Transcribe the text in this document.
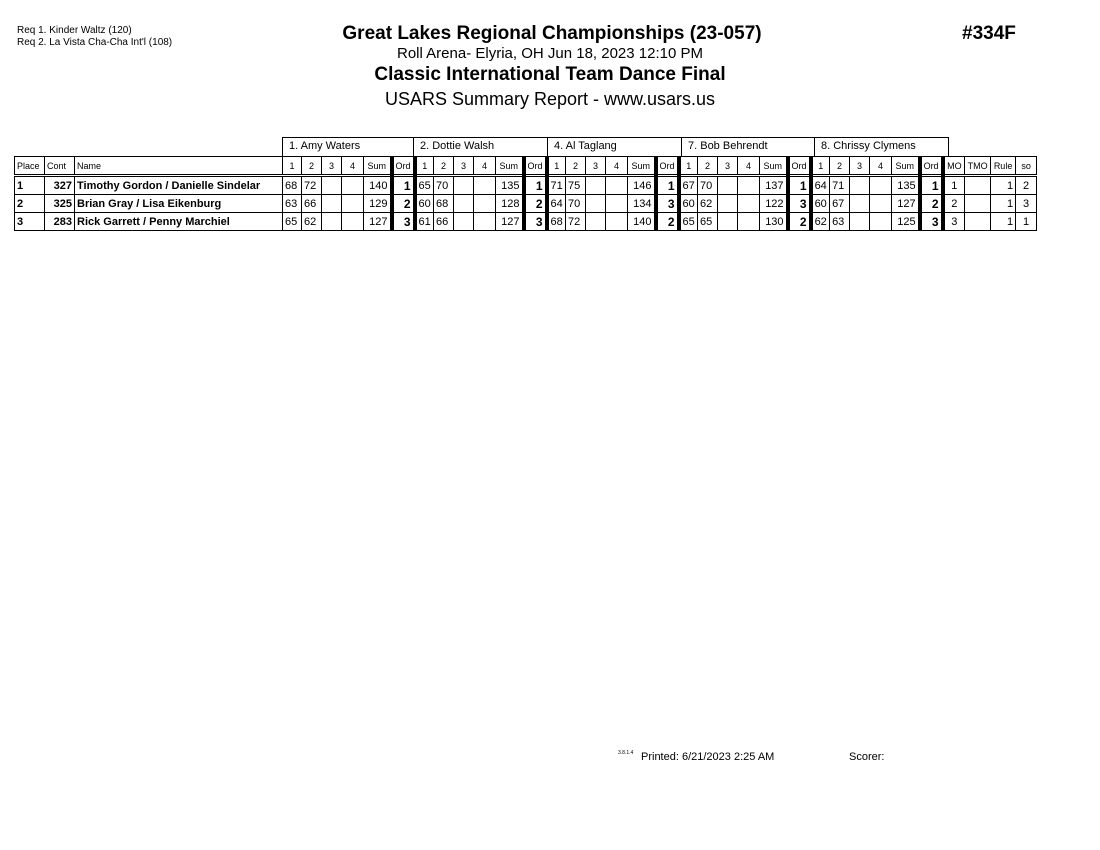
Req 1. Kinder Waltz (120)
Req 2. La Vista Cha-Cha Int'l (108)	Great Lakes Regional Championships (23-057)
Roll Arena- Elyria, OH Jun 18, 2023 12:10 PM
Classic International Team Dance Final
USARS Summary Report - www.usars.us
#334F
1. Amy Waters	2. Dottie Walsh	4. Al Taglang	7. Bob Behrendt	8. Chrissy Clymens
Place	Cont	Name	1	2	3	4	Sum	Ord	1	2	3	4	Sum	Ord	1	2	3	4	Sum	Ord	1	2	3	4	Sum	Ord	1	2	3	4	Sum	Ord	MO	TMO	Rule	so
1	327	Timothy Gordon / Danielle Sindelar	68	72			140	1	65	70			135	1	71	75			146	1	67	70			137	1	64	71			135	1	1		1	2
2	325	Brian Gray / Lisa Eikenburg	63	66			129	2	60	68			128	2	64	70			134	3	60	62			122	3	60	67			127	2	2		1	3
3	283	Rick Garrett / Penny Marchiel	65	62			127	3	61	66			127	3	68	72			140	2	65	65			130	2	62	63			125	3	3		1	1
3.8.1.4 Printed: 6/21/2023 2:25 AM	Scorer:
